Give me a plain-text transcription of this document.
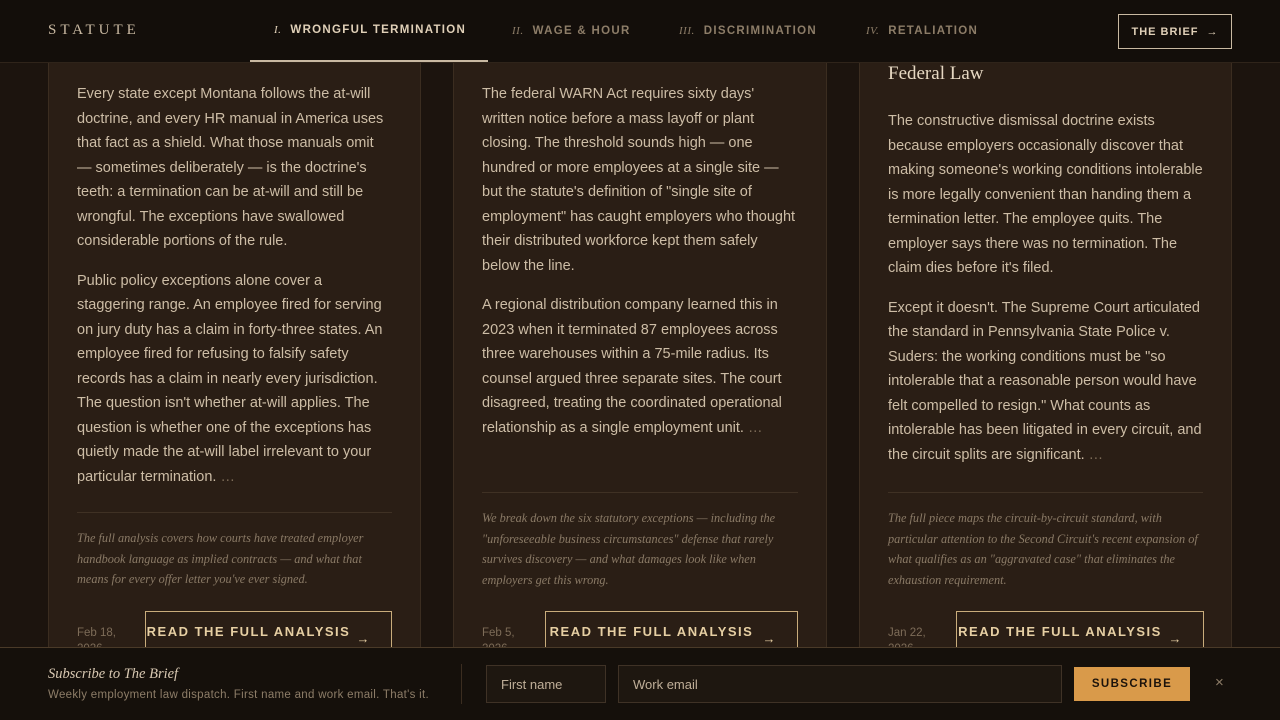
STATUTE	I. WRONGFUL TERMINATION	II. WAGE & HOUR	III. DISCRIMINATION	IV. RETALIATION	THE BRIEF →

Every state except Montana follows the at-will doctrine, and every HR manual in America uses that fact as a shield. What those manuals omit — sometimes deliberately — is the doctrine's teeth: a termination can be at-will and still be wrongful. The exceptions have swallowed considerable portions of the rule.

Public policy exceptions alone cover a staggering range. An employee fired for serving on jury duty has a claim in forty-three states. An employee fired for refusing to falsify safety records has a claim in nearly every jurisdiction. The question isn't whether at-will applies. The question is whether one of the exceptions has quietly made the at-will label irrelevant to your particular termination. …

The full analysis covers how courts have treated employer handbook language as implied contracts — and what that means for every offer letter you've ever signed.
Feb 18,	READ THE FULL ANALYSIS →

The federal WARN Act requires sixty days' written notice before a mass layoff or plant closing. The threshold sounds high — one hundred or more employees at a single site — but the statute's definition of "single site of employment" has caught employers who thought their distributed workforce kept them safely below the line.

A regional distribution company learned this in 2023 when it terminated 87 employees across three warehouses within a 75-mile radius. Its counsel argued three separate sites. The court disagreed, treating the coordinated operational relationship as a single employment unit. …

We break down the six statutory exceptions — including the "unforeseeable business circumstances" defense that rarely survives discovery — and what damages look like when employers get this wrong.
Feb 5,	READ THE FULL ANALYSIS →
Federal Law

The constructive dismissal doctrine exists because employers occasionally discover that making someone's working conditions intolerable is more legally convenient than handing them a termination letter. The employee quits. The employer says there was no termination. The claim dies before it's filed.

Except it doesn't. The Supreme Court articulated the standard in Pennsylvania State Police v. Suders: the working conditions must be "so intolerable that a reasonable person would have felt compelled to resign." What counts as intolerable has been litigated in every circuit, and the circuit splits are significant. …

The full piece maps the circuit-by-circuit standard, with particular attention to the Second Circuit's recent expansion of what qualifies as an "aggravated case" that eliminates the exhaustion requirement.
Jan 22,	READ THE FULL ANALYSIS →
Subscribe to The Brief
Weekly employment law dispatch. First name and work email. That's it.
First name
Work email
SUBSCRIBE	×
